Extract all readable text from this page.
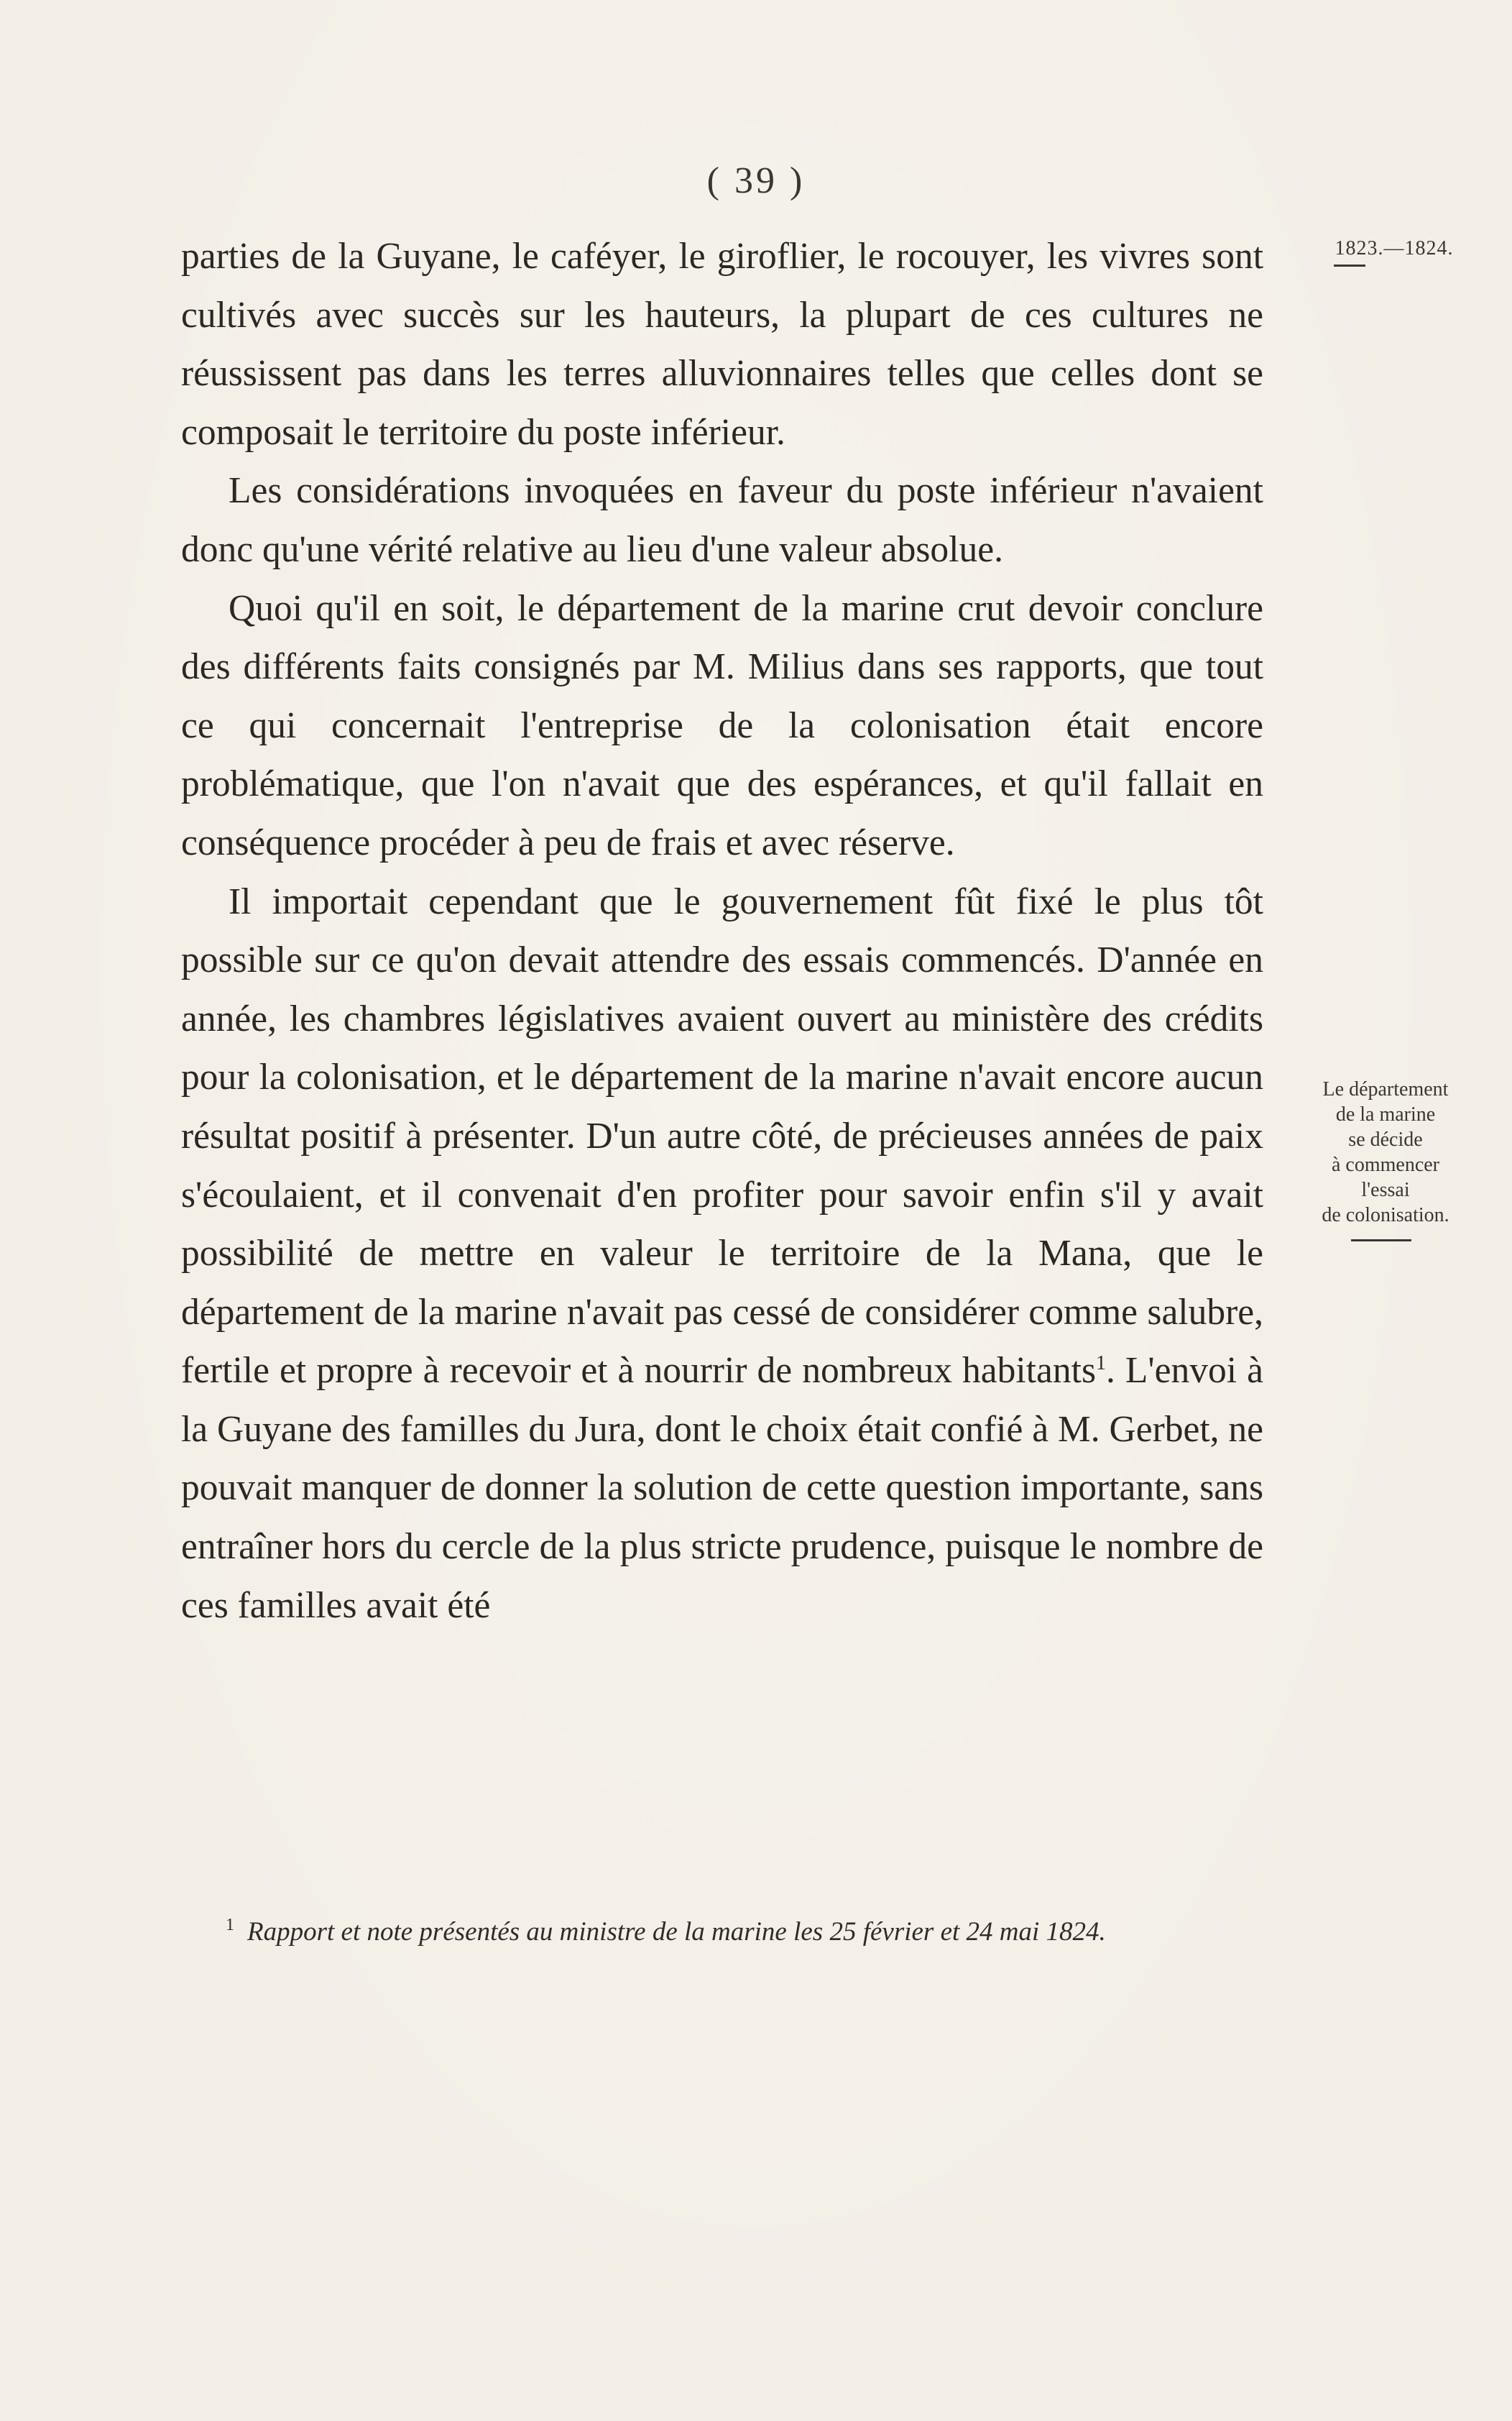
( 39 )
1823.—1824.

parties de la Guyane, le caféyer, le giroflier, le rocouyer, les vivres sont cultivés avec succès sur les hauteurs, la plupart de ces cultures ne réussissent pas dans les terres alluvionnaires telles que celles dont se composait le territoire du poste inférieur.

Les considérations invoquées en faveur du poste inférieur n'avaient donc qu'une vérité relative au lieu d'une valeur absolue.

Quoi qu'il en soit, le département de la marine crut devoir conclure des différents faits consignés par M. Milius dans ses rapports, que tout ce qui concernait l'entreprise de la colonisation était encore problématique, que l'on n'avait que des espérances, et qu'il fallait en conséquence procéder à peu de frais et avec réserve.

Il importait cependant que le gouvernement fût fixé le plus tôt possible sur ce qu'on devait attendre des essais commencés. D'année en année, les chambres législatives avaient ouvert au ministère des crédits pour la colonisation, et le département de la marine n'avait encore aucun résultat positif à présenter. D'un autre côté, de précieuses années de paix s'écoulaient, et il convenait d'en profiter pour savoir enfin s'il y avait possibilité de mettre en valeur le territoire de la Mana, que le département de la marine n'avait pas cessé de considérer comme salubre, fertile et propre à recevoir et à nourrir de nombreux habitants$^1$. L'envoi à la Guyane des familles du Jura, dont le choix était confié à M. Gerbet, ne pouvait manquer de donner la solution de cette question importante, sans entraîner hors du cercle de la plus stricte prudence, puisque le nombre de ces familles avait été

Le département
de la marine
se décide
à commencer
l'essai
de colonisation.
$^1$ Rapport et note présentés au ministre de la marine les 25 février et 24 mai 1824.
